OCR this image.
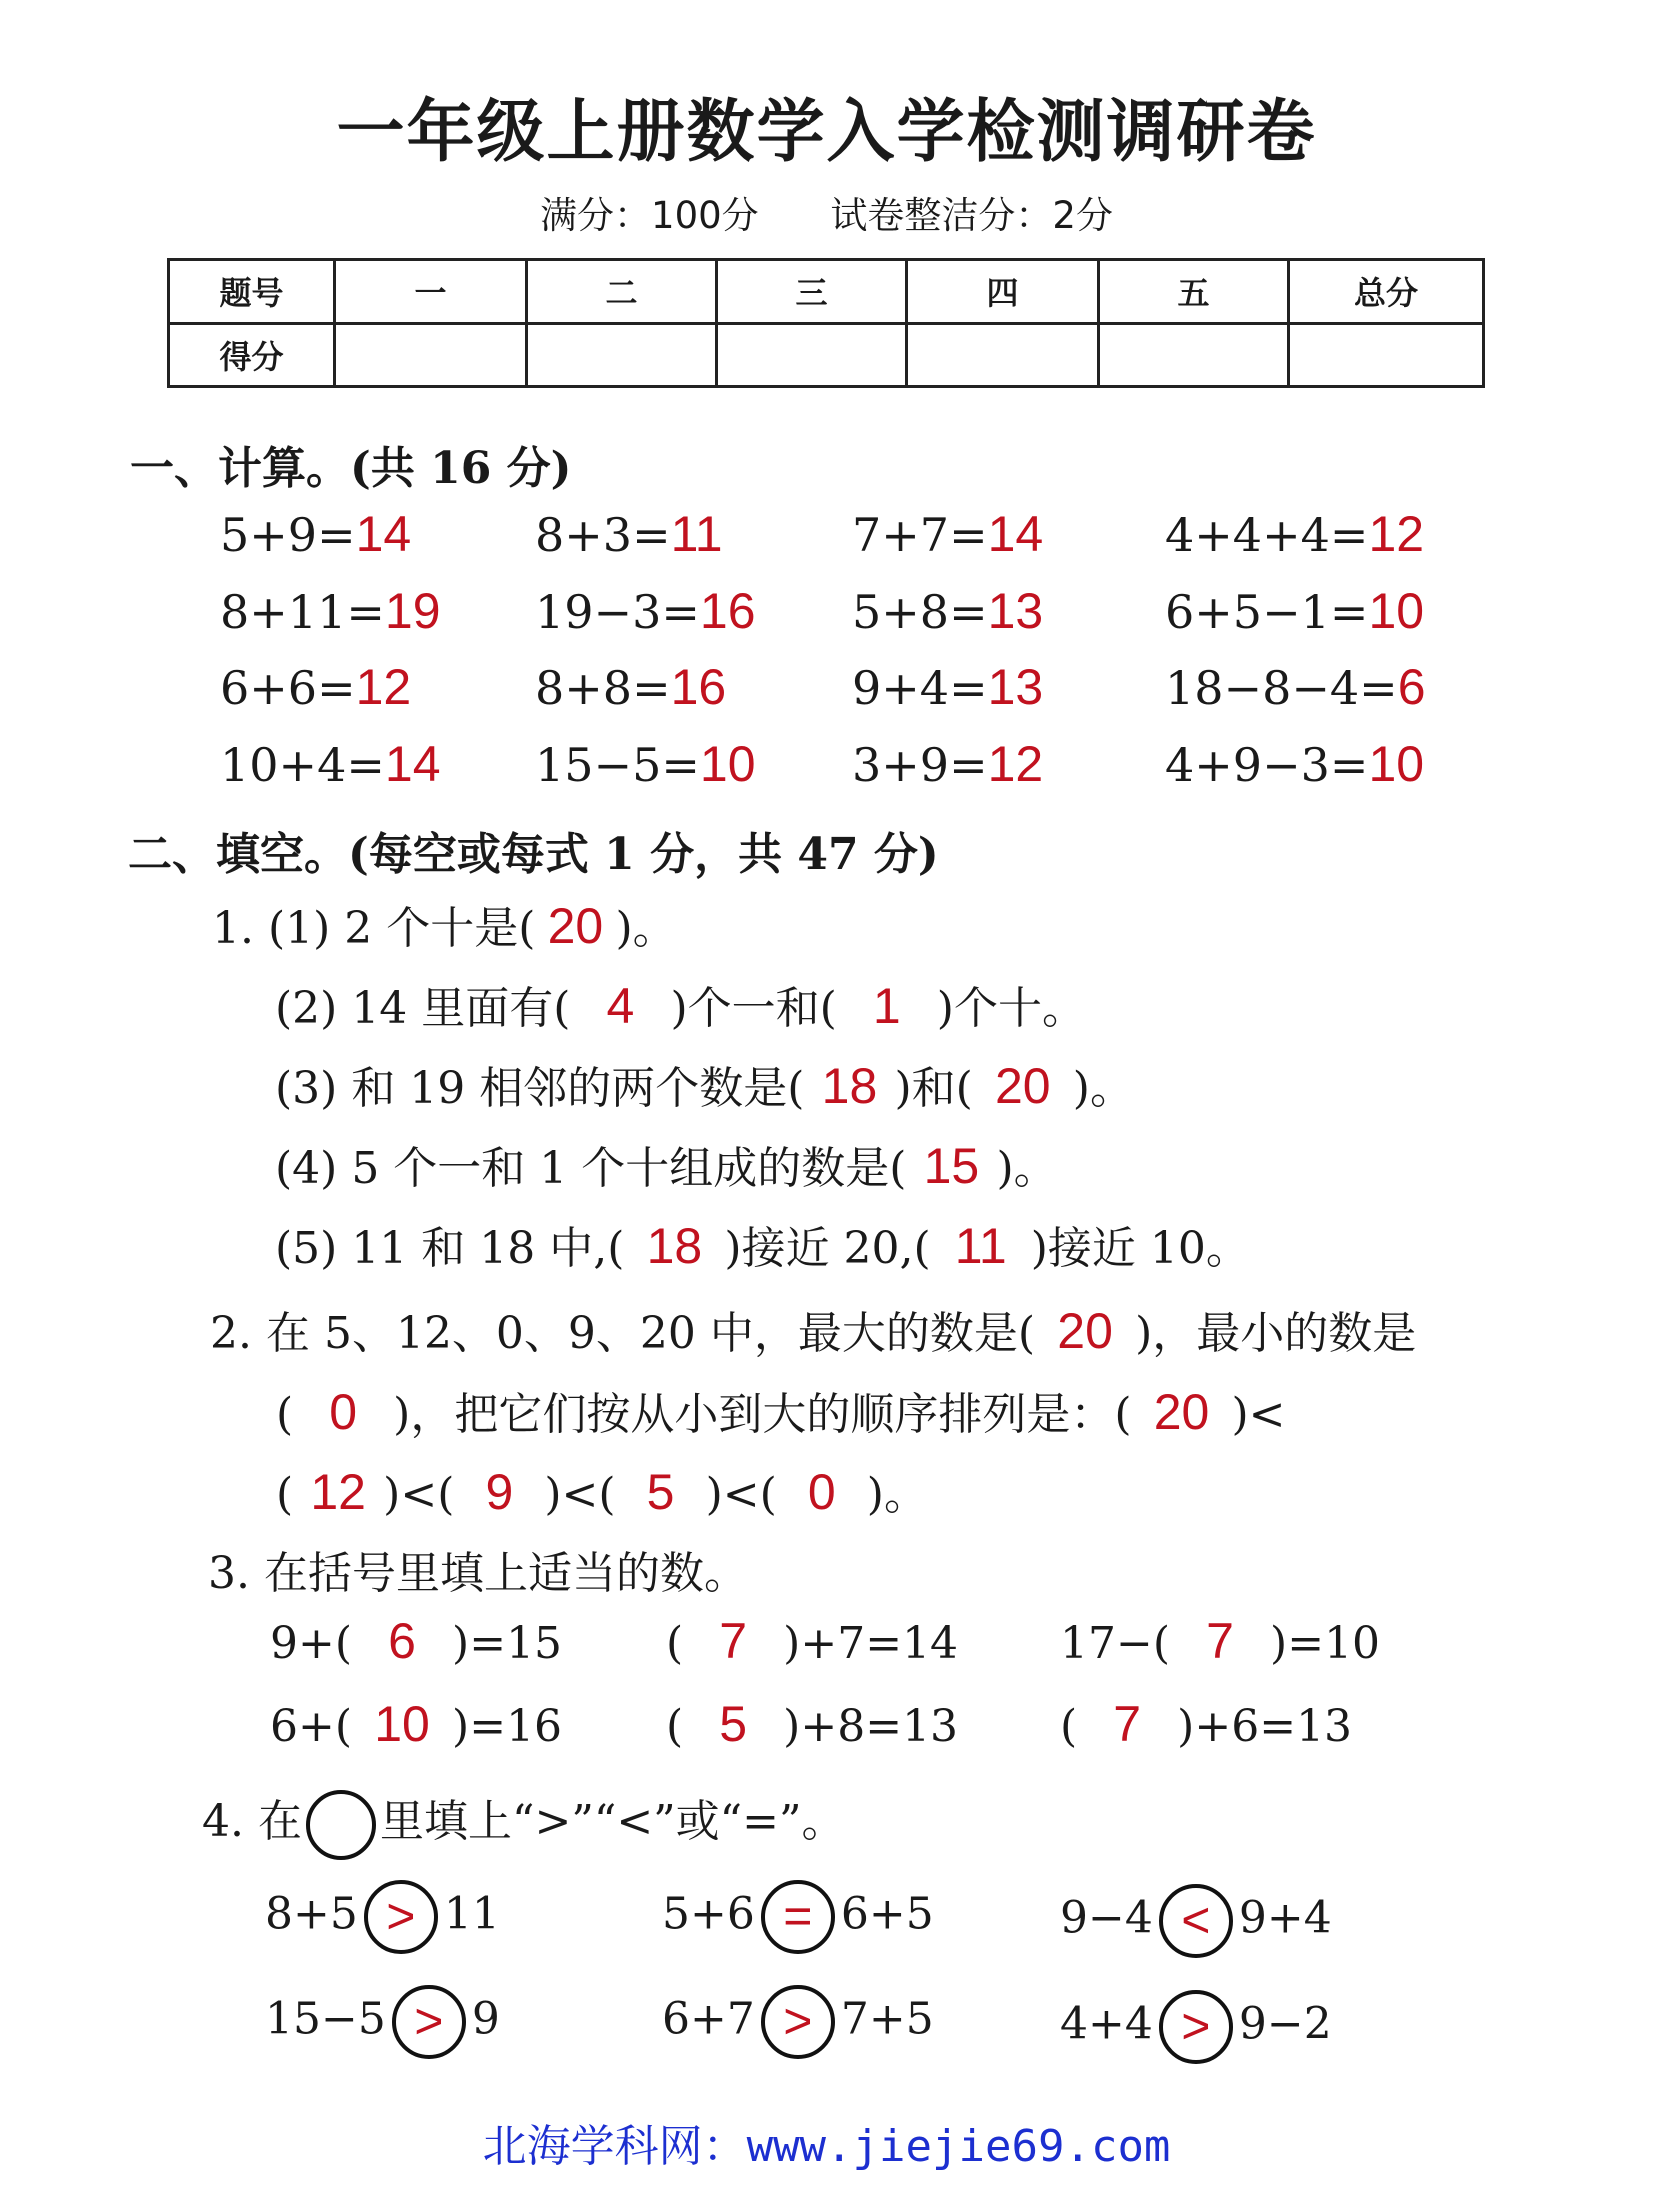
一年级上册数学入学检测调研卷
满分：100分 试卷整洁分：2分
题号	一	二	三	四	五	总分
得分						
一、计算。(共 16 分)
5+9=14	8+3=11	7+7=14	4+4+4=12
8+11=19 19−3=16 5+8=13	6+5−1=10
6+6=12	8+8=16	9+4=13	18−8−4=6
10+4=14 15−5=10 3+9=12	4+9−3=10
二、填空。(每空或每式 1 分，共 47 分)
1. (1) 2 个十是( 20 )。
(2) 14 里面有( 4 )个一和( 1 )个十。
(3) 和 19 相邻的两个数是( 18 )和( 20 )。
(4) 5 个一和 1 个十组成的数是( 15 )。
(5) 11 和 18 中,( 18 )接近 20,( 11 )接近 10。
2. 在 5、12、0、9、20 中，最大的数是( 20 )，最小的数是
( 0 )，把它们按从小到大的顺序排列是：( 20 )<
( 12 )<( 9 )<( 5 )<( 0 )。
3. 在括号里填上适当的数。
9+( 6 )=15 ( 7 )+7=14 17−( 7 )=10
6+( 10 )=16 ( 5 )+8=13 ( 7 )+6=13
4. 在 里填上“>”“<”或“=”。
8+5 > 11	5+6 = 6+5	9−4 < 9+4
15−5 > 9	6+7 > 7+5	4+4 > 9−2
北海学科网：www.jiejie69.com
